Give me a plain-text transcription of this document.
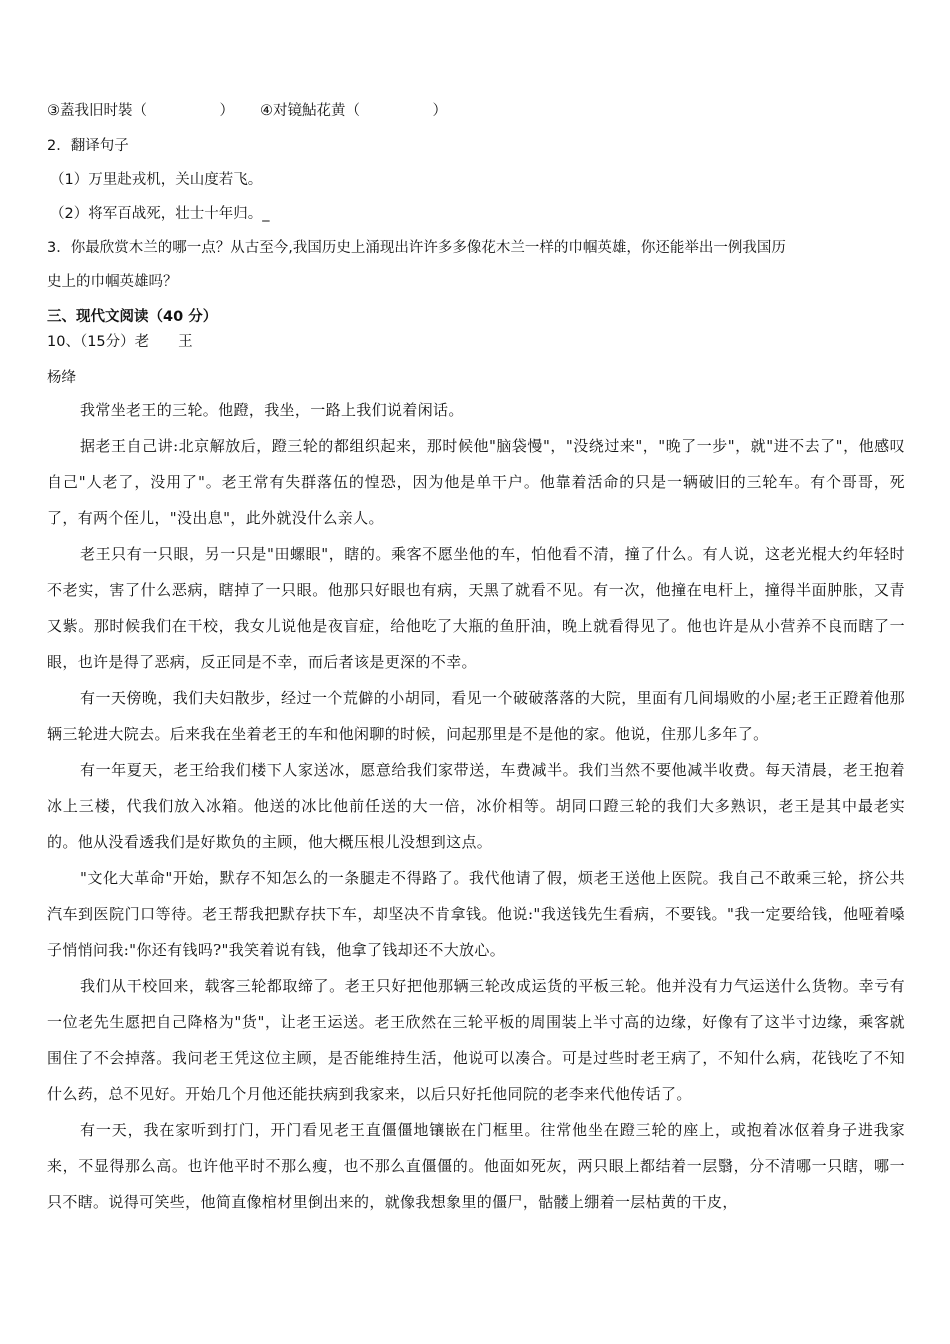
③蓋我旧时裝（　　　　　） ④对镜鮎花黄（　　　　　）
2．翻译句子
（1）万里赴戎机，关山度若飞。
（2）将军百战死，壮士十年归。_
3．你最欣赏木兰的哪一点？从古至今,我国历史上涌现出许许多多像花木兰一样的巾帼英雄，你还能举出一例我国历
史上的巾帼英雄吗？
三、现代文阅读（40 分）
10、（15分）老　　王
杨绛
我常坐老王的三轮。他蹬，我坐，一路上我们说着闲话。
据老王自己讲:北京解放后，蹬三轮的都组织起来，那时候他"脑袋慢"，"没绕过来"，"晚了一步"，就"进不去了"，他感叹自己"人老了，没用了"。老王常有失群落伍的惶恐，因为他是单干户。他靠着活命的只是一辆破旧的三轮车。有个哥哥，死了，有两个侄儿，"没出息"，此外就没什么亲人。
老王只有一只眼，另一只是"田螺眼"，瞎的。乘客不愿坐他的车，怕他看不清，撞了什么。有人说，这老光棍大约年轻时不老实，害了什么恶病，瞎掉了一只眼。他那只好眼也有病，天黑了就看不见。有一次，他撞在电杆上，撞得半面肿胀，又青又紫。那时候我们在干校，我女儿说他是夜盲症，给他吃了大瓶的鱼肝油，晚上就看得见了。他也许是从小营养不良而瞎了一眼，也许是得了恶病，反正同是不幸，而后者该是更深的不幸。
有一天傍晚，我们夫妇散步，经过一个荒僻的小胡同，看见一个破破落落的大院，里面有几间塌败的小屋;老王正蹬着他那辆三轮进大院去。后来我在坐着老王的车和他闲聊的时候，问起那里是不是他的家。他说，住那儿多年了。
有一年夏天，老王给我们楼下人家送冰，愿意给我们家带送，车费减半。我们当然不要他减半收费。每天清晨，老王抱着冰上三楼，代我们放入冰箱。他送的冰比他前任送的大一倍，冰价相等。胡同口蹬三轮的我们大多熟识，老王是其中最老实的。他从没看透我们是好欺负的主顾，他大概压根儿没想到这点。
"文化大革命"开始，默存不知怎么的一条腿走不得路了。我代他请了假，烦老王送他上医院。我自己不敢乘三轮，挤公共汽车到医院门口等待。老王帮我把默存扶下车，却坚决不肯拿钱。他说:"我送钱先生看病，不要钱。"我一定要给钱，他哑着嗓子悄悄问我:"你还有钱吗?"我笑着说有钱，他拿了钱却还不大放心。
我们从干校回来，载客三轮都取缔了。老王只好把他那辆三轮改成运货的平板三轮。他并没有力气运送什么货物。幸亏有一位老先生愿把自己降格为"货"，让老王运送。老王欣然在三轮平板的周围装上半寸高的边缘，好像有了这半寸边缘，乘客就围住了不会掉落。我问老王凭这位主顾，是否能维持生活，他说可以凑合。可是过些时老王病了，不知什么病，花钱吃了不知什么药，总不见好。开始几个月他还能扶病到我家来，以后只好托他同院的老李来代他传话了。
有一天，我在家听到打门，开门看见老王直僵僵地镶嵌在门框里。往常他坐在蹬三轮的座上，或抱着冰伛着身子进我家来，不显得那么高。也许他平时不那么瘦，也不那么直僵僵的。他面如死灰，两只眼上都结着一层翳，分不清哪一只瞎，哪一只不瞎。说得可笑些，他简直像棺材里倒出来的，就像我想象里的僵尸，骷髅上绷着一层枯黄的干皮，
